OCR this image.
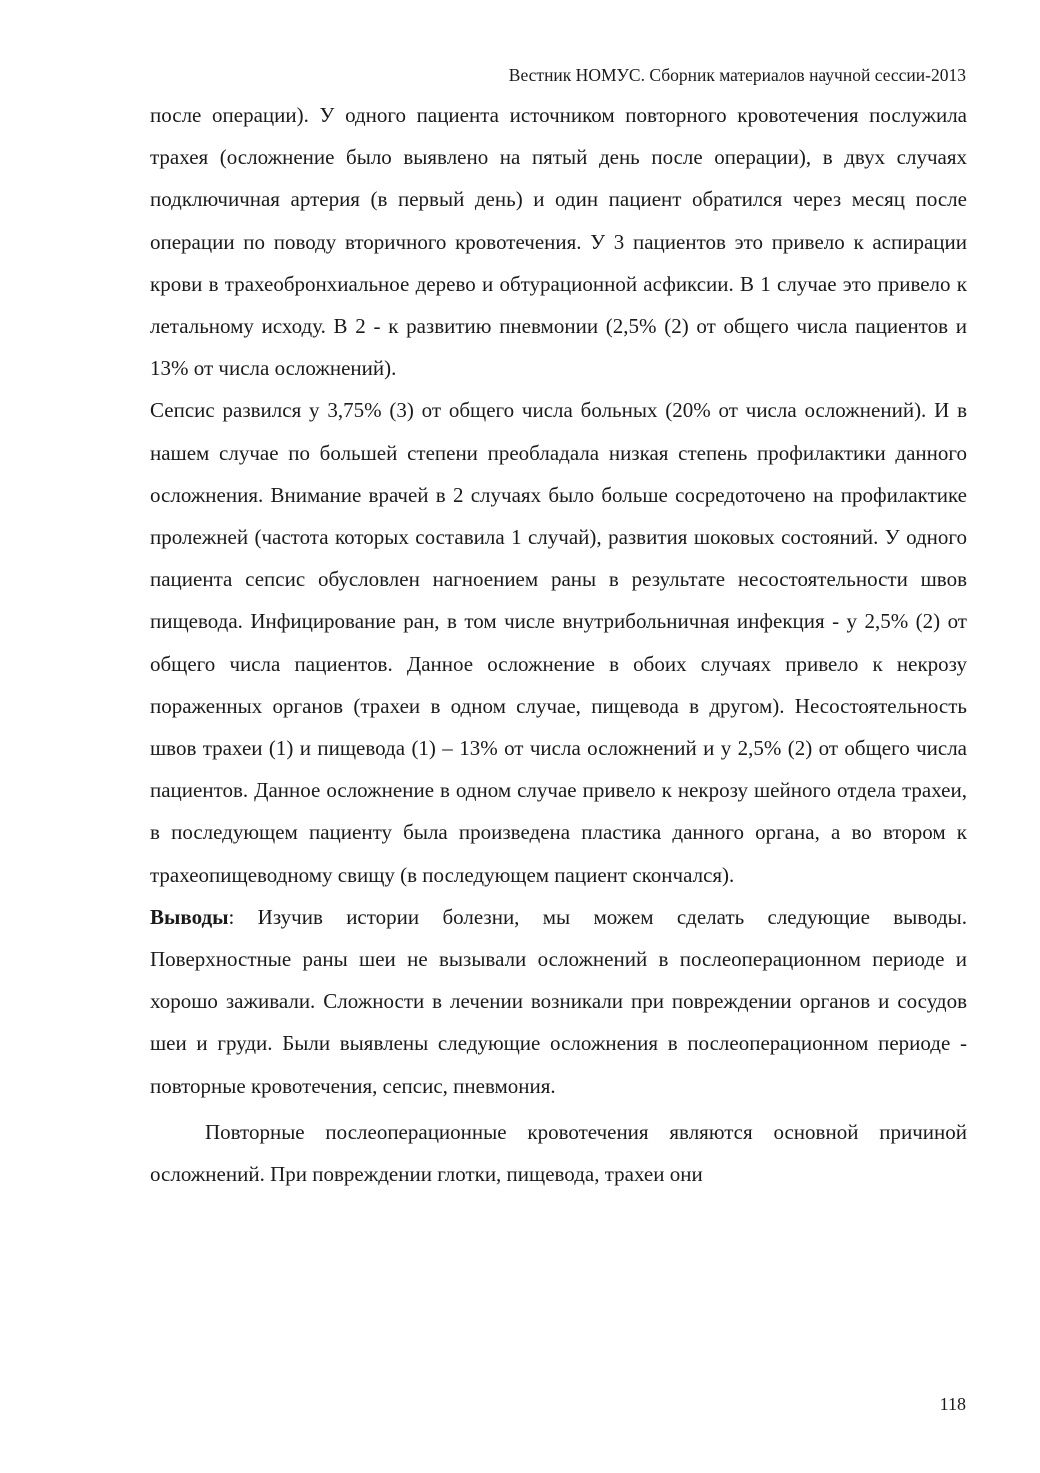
Вестник НОМУС. Сборник материалов научной сессии-2013

после операции). У одного пациента источником повторного кровотечения послужила трахея (осложнение было выявлено на пятый день после операции), в двух случаях подключичная артерия (в первый день) и один пациент обратился через месяц после операции по поводу вторичного кровотечения. У 3 пациентов это привело к аспирации крови в трахеобронхиальное дерево и обтурационной асфиксии. В 1 случае это привело к летальному исходу. В 2 - к развитию пневмонии (2,5% (2) от общего числа пациентов и 13% от числа осложнений).

Сепсис развился у 3,75% (3) от общего числа больных (20% от числа осложнений). И в нашем случае по большей степени преобладала низкая степень профилактики данного осложнения. Внимание врачей в 2 случаях было больше сосредоточено на профилактике пролежней (частота которых составила 1 случай), развития шоковых состояний. У одного пациента сепсис обусловлен нагноением раны в результате несостоятельности швов пищевода. Инфицирование ран, в том числе внутрибольничная инфекция - у 2,5% (2) от общего числа пациентов. Данное осложнение в обоих случаях привело к некрозу пораженных органов (трахеи в одном случае, пищевода в другом). Несостоятельность швов трахеи (1) и пищевода (1) – 13% от числа осложнений и у 2,5% (2) от общего числа пациентов. Данное осложнение в одном случае привело к некрозу шейного отдела трахеи, в последующем пациенту была произведена пластика данного органа, а во втором к трахеопищеводному свищу (в последующем пациент скончался).

Выводы: Изучив истории болезни, мы можем сделать следующие выводы. Поверхностные раны шеи не вызывали осложнений в послеоперационном периоде и хорошо заживали. Сложности в лечении возникали при повреждении органов и сосудов шеи и груди. Были выявлены следующие осложнения в послеоперационном периоде - повторные кровотечения, сепсис, пневмония.

Повторные послеоперационные кровотечения являются основной причиной осложнений. При повреждении глотки, пищевода, трахеи они

118
